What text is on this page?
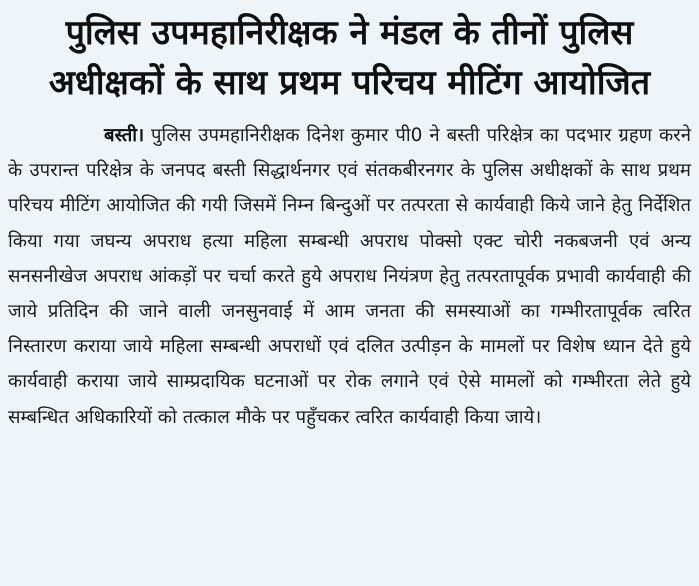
पुलिस उपमहानिरीक्षक ने मंडल के तीनों पुलिस
अधीक्षकों के साथ प्रथम परिचय मीटिंग आयोजित

बस्ती। पुलिस उपमहानिरीक्षक दिनेश कुमार पी0 ने बस्ती परिक्षेत्र का पदभार ग्रहण करने के उपरान्त परिक्षेत्र के जनपद बस्ती सिद्धार्थनगर एवं संतकबीरनगर के पुलिस अधीक्षकों के साथ प्रथम परिचय मीटिंग आयोजित की गयी जिसमें निम्न बिन्दुओं पर तत्परता से कार्यवाही किये जाने हेतु निर्देशित किया गया जघन्य अपराध हत्या महिला सम्बन्धी अपराध पोक्सो एक्ट चोरी नकबजनी एवं अन्य सनसनीखेज अपराध आंकड़ों पर चर्चा करते हुये अपराध नियंत्रण हेतु तत्परतापूर्वक प्रभावी कार्यवाही की जाये प्रतिदिन की जाने वाली जनसुनवाई में आम जनता की समस्याओं का गम्भीरतापूर्वक त्वरित निस्तारण कराया जाये महिला सम्बन्धी अपराधों एवं दलित उत्पीड़न के मामलों पर विशेष ध्यान देते हुये कार्यवाही कराया जाये साम्प्रदायिक घटनाओं पर रोक लगाने एवं ऐसे मामलों को गम्भीरता लेते हुये सम्बन्धित अधिकारियों को तत्काल मौके पर पहुँचकर त्वरित कार्यवाही किया जाये।
